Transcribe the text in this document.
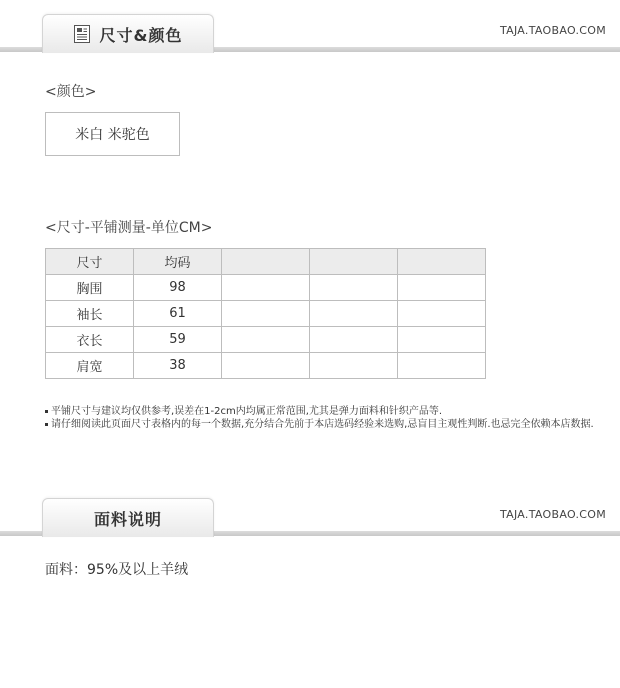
尺寸&颜色	TAJA.TAOBAO.COM
<颜色>
米白 米驼色
<尺寸-平铺测量-单位CM>
尺寸	均码			
胸围	98			
袖长	61			
衣长	59			
肩宽	38			
平铺尺寸与建议均仅供参考,误差在1-2cm内均属正常范围,尤其是弹力面料和针织产品等.
请仔细阅读此页面尺寸表格内的每一个数据,充分结合先前于本店选码经验来选购,忌盲目主观性判断.也忌完全依赖本店数据.
面料说明	TAJA.TAOBAO.COM
面料：95%及以上羊绒
